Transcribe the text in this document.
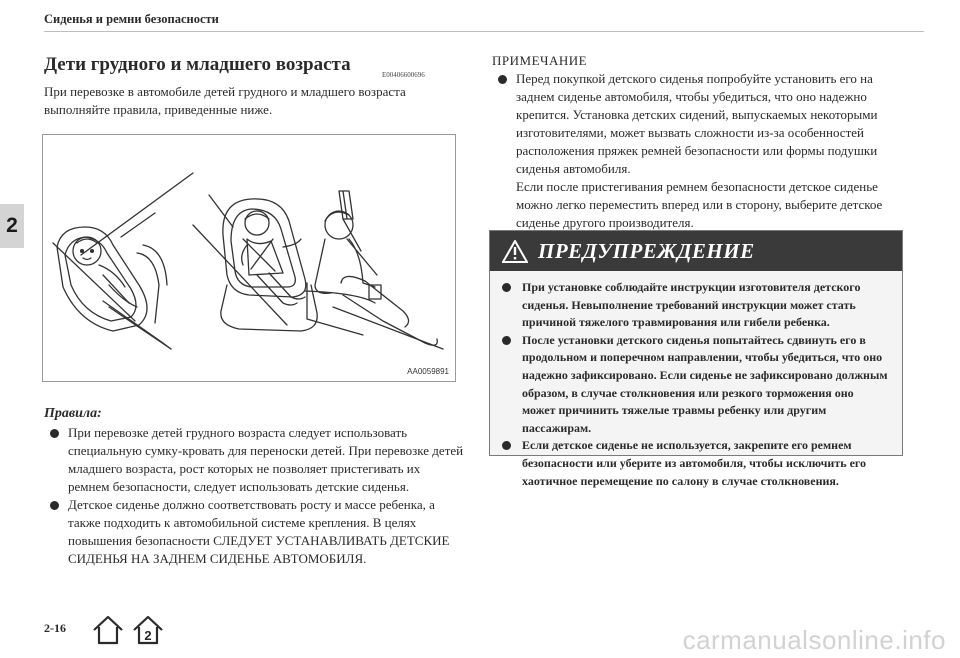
Сиденья и ремни безопасности
2
Дети грудного и младшего возраста	E00406600696
При перевозке в автомобиле детей грудного и младшего возраста выполняйте правила, приведенные ниже.
AA0059891
Правила:
При перевозке детей грудного возраста следует использовать специальную сумку-кровать для переноски детей. При перевозке детей младшего возраста, рост которых не позволяет пристегивать их ремнем безопасности, следует использовать детские сиденья.
Детское сиденье должно соответствовать росту и массе ребенка, а также подходить к автомобильной системе крепления. В целях повышения безопасности СЛЕДУЕТ УСТАНАВЛИВАТЬ ДЕТСКИЕ СИДЕНЬЯ НА ЗАДНЕМ СИДЕНЬЕ АВТОМОБИЛЯ.
ПРИМЕЧАНИЕ
Перед покупкой детского сиденья попробуйте установить его на заднем сиденье автомобиля, чтобы убедиться, что оно надежно крепится. Установка детских сидений, выпускаемых некоторыми изготовителями, может вызвать сложности из-за особенностей расположения пряжек ремней безопасности или формы подушки сиденья автомобиля.
Если после пристегивания ремнем безопасности детское сиденье можно легко переместить вперед или в сторону, выберите детское сиденье другого производителя.
ПРЕДУПРЕЖДЕНИЕ
При установке соблюдайте инструкции изготовителя детского сиденья. Невыполнение требований инструкции может стать причиной тяжелого травмирования или гибели ребенка.
После установки детского сиденья попытайтесь сдвинуть его в продольном и поперечном направлении, чтобы убедиться, что оно надежно зафиксировано. Если сиденье не зафиксировано должным образом, в случае столкновения или резкого торможения оно может причинить тяжелые травмы ребенку или другим пассажирам.
Если детское сиденье не используется, закрепите его ремнем безопасности или уберите из автомобиля, чтобы исключить его хаотичное перемещение по салону в случае столкновения.
2-16	2	carmanualsonline.info
